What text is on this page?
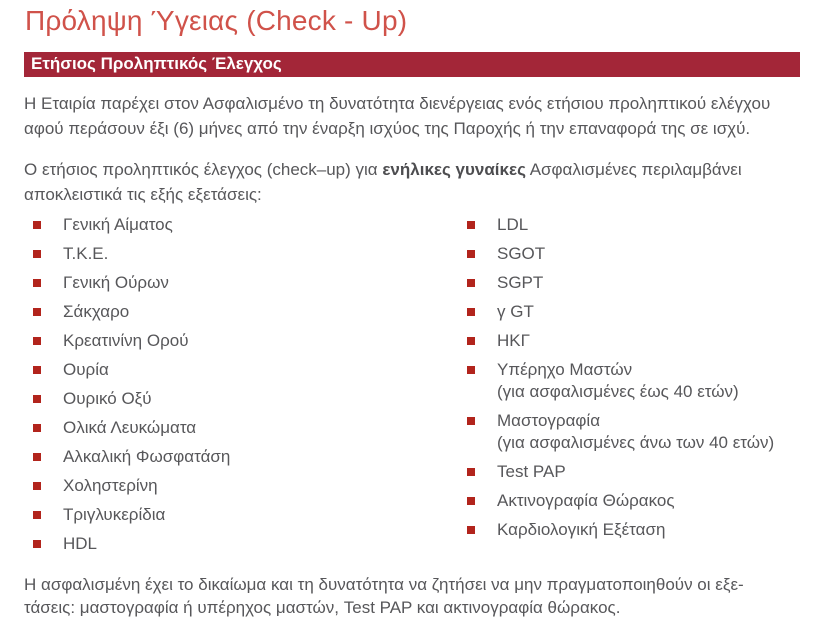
Πρόληψη Ύγειας (Check - Up)
Ετήσιος Προληπτικός Έλεγχος

Η Εταιρία παρέχει στον Ασφαλισμένο τη δυνατότητα διενέργειας ενός ετήσιου προληπτικού ελέγχου αφού περάσουν έξι (6) μήνες από την έναρξη ισχύος της Παροχής ή την επαναφορά της σε ισχύ.

Ο ετήσιος προληπτικός έλεγχος (check–up) για ενήλικες γυναίκες Ασφαλισμένες περιλαμβάνει αποκλειστικά τις εξής εξετάσεις:

Γενική Αίματος
Τ.Κ.Ε.
Γενική Ούρων
Σάκχαρο
Κρεατινίνη Ορού
Ουρία
Ουρικό Οξύ
Ολικά Λευκώματα
Αλκαλική Φωσφατάση
Χοληστερίνη
Τριγλυκερίδια
HDL
LDL
SGOT
SGPT
γ GT
ΗΚΓ
Υπέρηχο Μαστών
(για ασφαλισμένες έως 40 ετών)
Μαστογραφία
(για ασφαλισμένες άνω των 40 ετών)
Test PAP
Ακτινογραφία Θώρακος
Καρδιολογική Εξέταση

Η ασφαλισμένη έχει το δικαίωμα και τη δυνατότητα να ζητήσει να μην πραγματοποιηθούν οι εξε-
τάσεις: μαστογραφία ή υπέρηχος μαστών, Test PAP και ακτινογραφία θώρακος.
